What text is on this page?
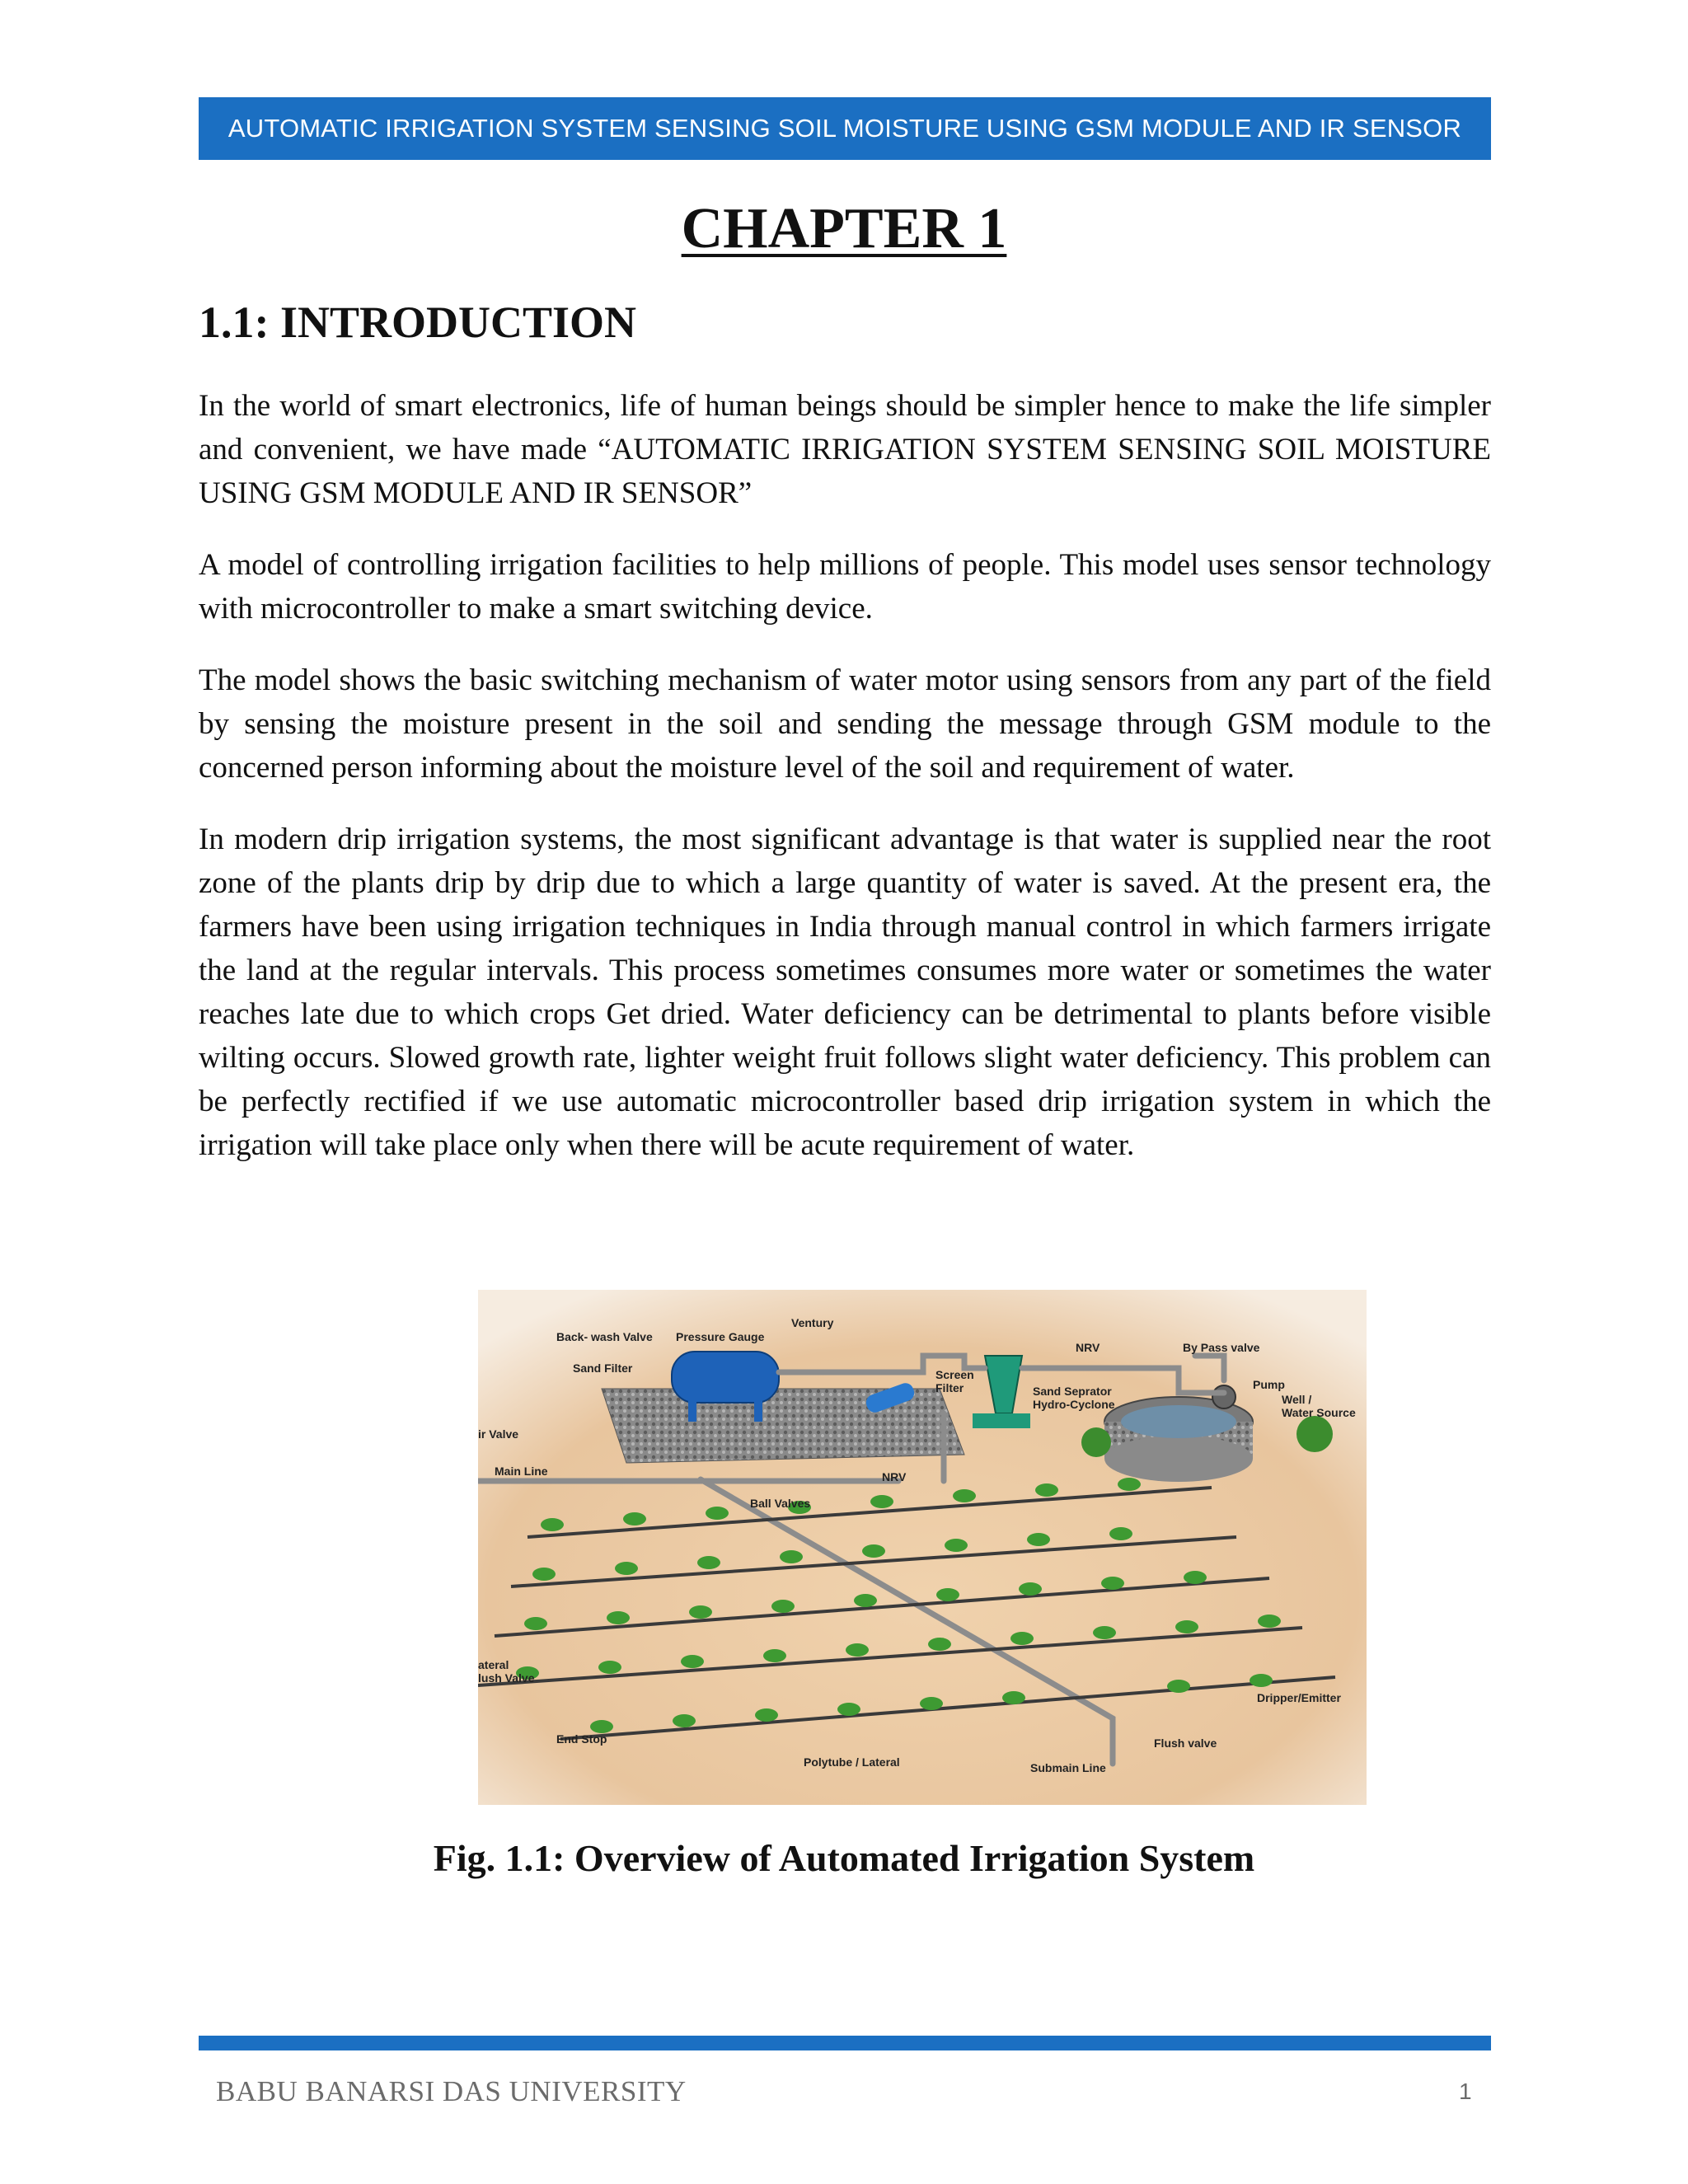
AUTOMATIC IRRIGATION SYSTEM SENSING SOIL MOISTURE USING GSM MODULE AND IR SENSOR
CHAPTER 1
1.1: INTRODUCTION

In the world of smart electronics, life of human beings should be simpler hence to make the life simpler and convenient, we have made “AUTOMATIC IRRIGATION SYSTEM SENSING SOIL MOISTURE USING GSM MODULE AND IR SENSOR”

A model of controlling irrigation facilities to help millions of people. This model uses sensor technology with microcontroller to make a smart switching device.

The model shows the basic switching mechanism of water motor using sensors from any part of the field by sensing the moisture present in the soil and sending the message through GSM module to the concerned person informing about the moisture level of the soil and requirement of water.

In modern drip irrigation systems, the most significant advantage is that water is supplied near the root zone of the plants drip by drip due to which a large quantity of water is saved. At the present era, the farmers have been using irrigation techniques in India through manual control in which farmers irrigate the land at the regular intervals. This process sometimes consumes more water or sometimes the water reaches late due to which crops Get dried. Water deficiency can be detrimental to plants before visible wilting occurs. Slowed growth rate, lighter weight fruit follows slight water deficiency. This problem can be perfectly rectified if we use automatic microcontroller based drip irrigation system in which the irrigation will take place only when there will be acute requirement of water.

Ventury
Back- wash Valve Pressure Gauge
Sand Filter	Screen
Filter
NRV	By Pass valve
Sand Seprator
Hydro-Cyclone
Pump
Well /
Water Source
ir Valve
Main Line	NRV
Ball Valves
ateral
lush Valve
Dripper/Emitter
End Stop	Flush valve
Polytube / Lateral	Submain Line
Fig. 1.1: Overview of Automated Irrigation System
BABU BANARSI DAS UNIVERSITY	1
